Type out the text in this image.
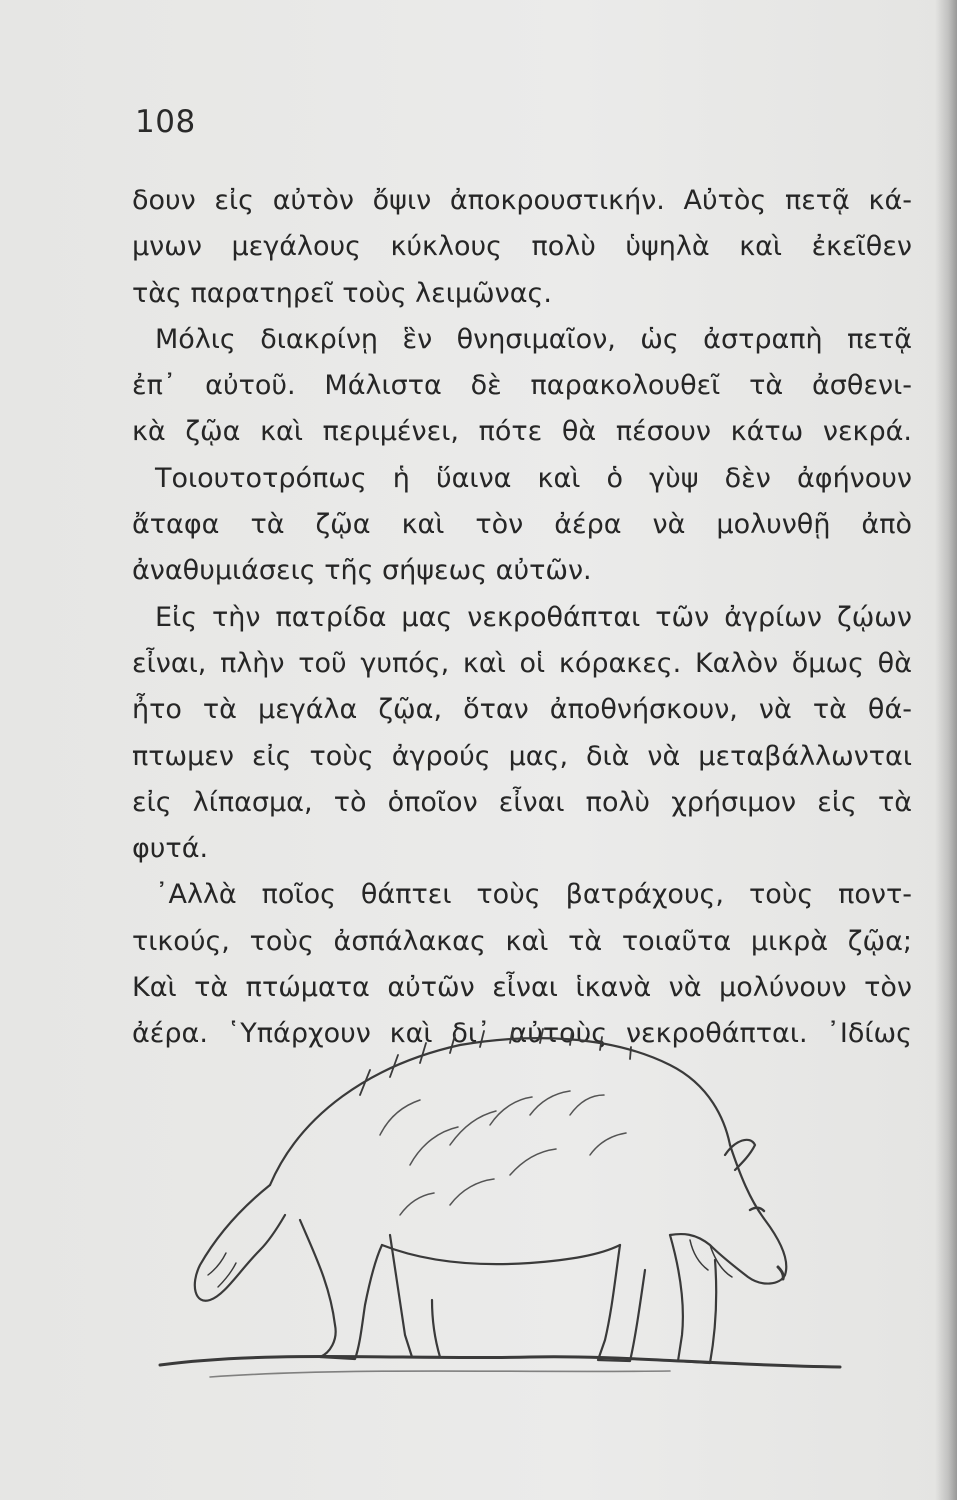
108
δουν εἰς αὐτὸν ὄψιν ἀποκρουστικήν. Αὐτὸς πετᾷ κά-
μνων μεγάλους κύκλους πολὺ ὑψηλὰ καὶ ἐκεῖθεν
τὰς παρατηρεῖ τοὺς λειμῶνας.
Μόλις διακρίνῃ ἓν θνησιμαῖον, ὡς ἀστραπὴ πετᾷ
ἐπ᾽ αὐτοῦ. Μάλιστα δὲ παρακολουθεῖ τὰ ἀσθενι-
κὰ ζῷα καὶ περιμένει, πότε θὰ πέσουν κάτω νεκρά.
Τοιουτοτρόπως ἡ ὕαινα καὶ ὁ γὺψ δὲν ἀφήνουν
ἄταφα τὰ ζῷα καὶ τὸν ἀέρα νὰ μολυνθῇ ἀπὸ
ἀναθυμιάσεις τῆς σήψεως αὐτῶν.
Εἰς τὴν πατρίδα μας νεκροθάπται τῶν ἀγρίων ζῴων
εἶναι, πλὴν τοῦ γυπός, καὶ οἱ κόρακες. Καλὸν ὅμως θὰ
ἦτο τὰ μεγάλα ζῷα, ὅταν ἀποθνήσκουν, νὰ τὰ θά-
πτωμεν εἰς τοὺς ἀγρούς μας, διὰ νὰ μεταβάλλωνται
εἰς λίπασμα, τὸ ὁποῖον εἶναι πολὺ χρήσιμον εἰς τὰ
φυτά.
᾽Αλλὰ ποῖος θάπτει τοὺς βατράχους, τοὺς ποντ-
τικούς, τοὺς ἀσπάλακας καὶ τὰ τοιαῦτα μικρὰ ζῷα;
Καὶ τὰ πτώματα αὐτῶν εἶναι ἱκανὰ νὰ μολύνουν τὸν
ἀέρα. ῾Υπάρχουν καὶ δι᾽ αὐτοὺς νεκροθάπται. ᾽Ιδίως
